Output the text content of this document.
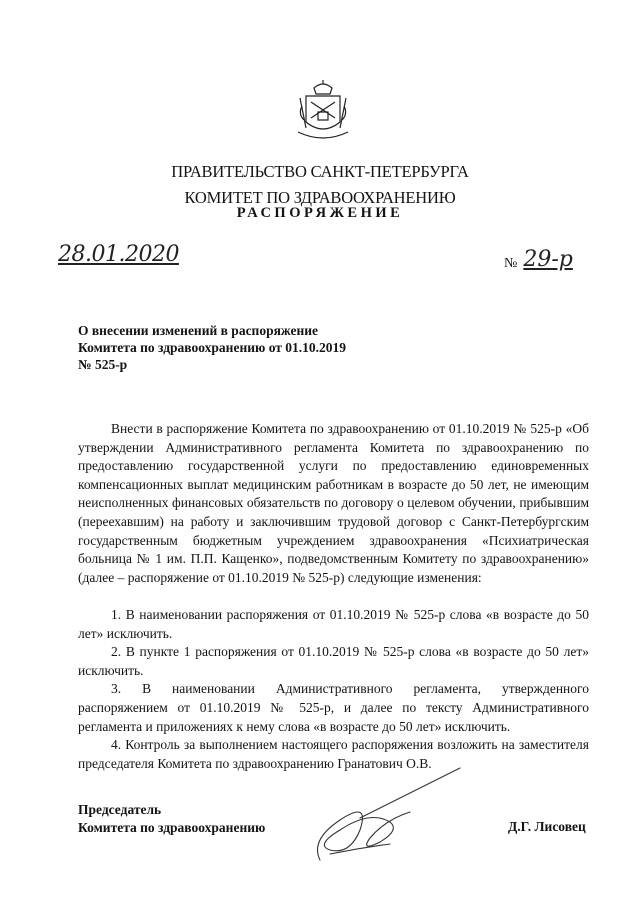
ПРАВИТЕЛЬСТВО САНКТ-ПЕТЕРБУРГА
КОМИТЕТ ПО ЗДРАВООХРАНЕНИЮ
РАСПОРЯЖЕНИЕ
28.01.2020	№ 29-р
О внесении изменений в распоряжение
Комитета по здравоохранению от 01.10.2019
№ 525-р

Внести в распоряжение Комитета по здравоохранению от 01.10.2019 № 525-р «Об утверждении Административного регламента Комитета по здравоохранению по предоставлению государственной услуги по предоставлению единовременных компенсационных выплат медицинским работникам в возрасте до 50 лет, не имеющим неисполненных финансовых обязательств по договору о целевом обучении, прибывшим (переехавшим) на работу и заключившим трудовой договор с Санкт-Петербургским государственным бюджетным учреждением здравоохранения «Психиатрическая больница № 1 им. П.П. Кащенко», подведомственным Комитету по здравоохранению» (далее – распоряжение от 01.10.2019 № 525-р) следующие изменения:

1. В наименовании распоряжения от 01.10.2019 № 525-р слова «в возрасте до 50 лет» исключить.

2. В пункте 1 распоряжения от 01.10.2019 № 525-р слова «в возрасте до 50 лет» исключить.

3. В наименовании Административного регламента, утвержденного распоряжением от 01.10.2019 № 525-р, и далее по тексту Административного регламента и приложениях к нему слова «в возрасте до 50 лет» исключить.

4. Контроль за выполнением настоящего распоряжения возложить на заместителя председателя Комитета по здравоохранению Гранатович О.В.

Председатель
Комитета по здравоохранению	Д.Г. Лисовец
